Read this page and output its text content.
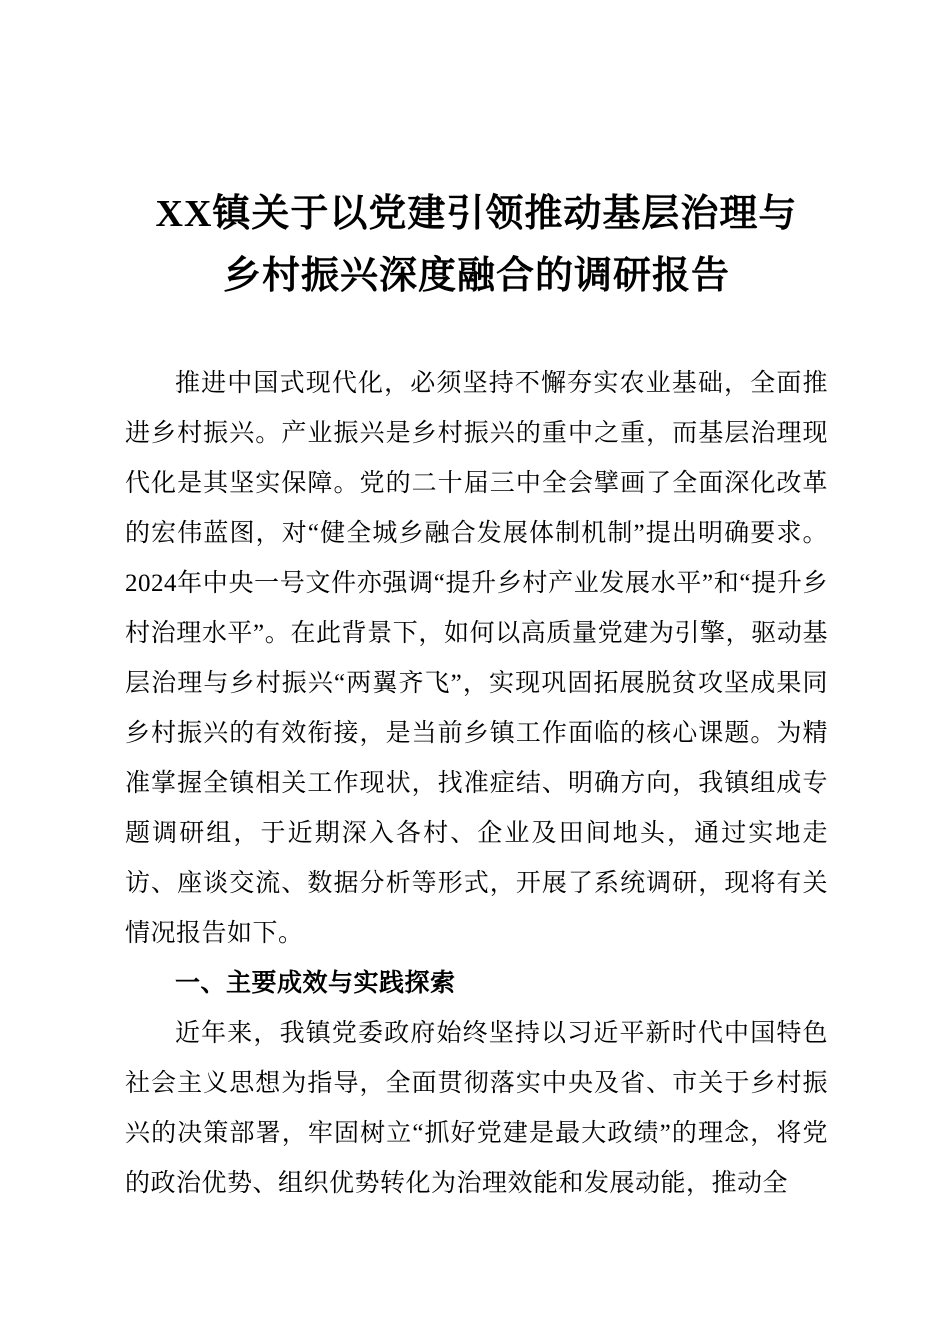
XX镇关于以党建引领推动基层治理与
乡村振兴深度融合的调研报告

推进中国式现代化，必须坚持不懈夯实农业基础，全面推进乡村振兴。产业振兴是乡村振兴的重中之重，而基层治理现代化是其坚实保障。党的二十届三中全会擘画了全面深化改革的宏伟蓝图，对“健全城乡融合发展体制机制”提出明确要求。2024年中央一号文件亦强调“提升乡村产业发展水平”和“提升乡村治理水平”。在此背景下，如何以高质量党建为引擎，驱动基层治理与乡村振兴“两翼齐飞”，实现巩固拓展脱贫攻坚成果同乡村振兴的有效衔接，是当前乡镇工作面临的核心课题。为精准掌握全镇相关工作现状，找准症结、明确方向，我镇组成专题调研组，于近期深入各村、企业及田间地头，通过实地走访、座谈交流、数据分析等形式，开展了系统调研，现将有关情况报告如下。

一、主要成效与实践探索

近年来，我镇党委政府始终坚持以习近平新时代中国特色社会主义思想为指导，全面贯彻落实中央及省、市关于乡村振兴的决策部署，牢固树立“抓好党建是最大政绩”的理念，将党的政治优势、组织优势转化为治理效能和发展动能，推动全
